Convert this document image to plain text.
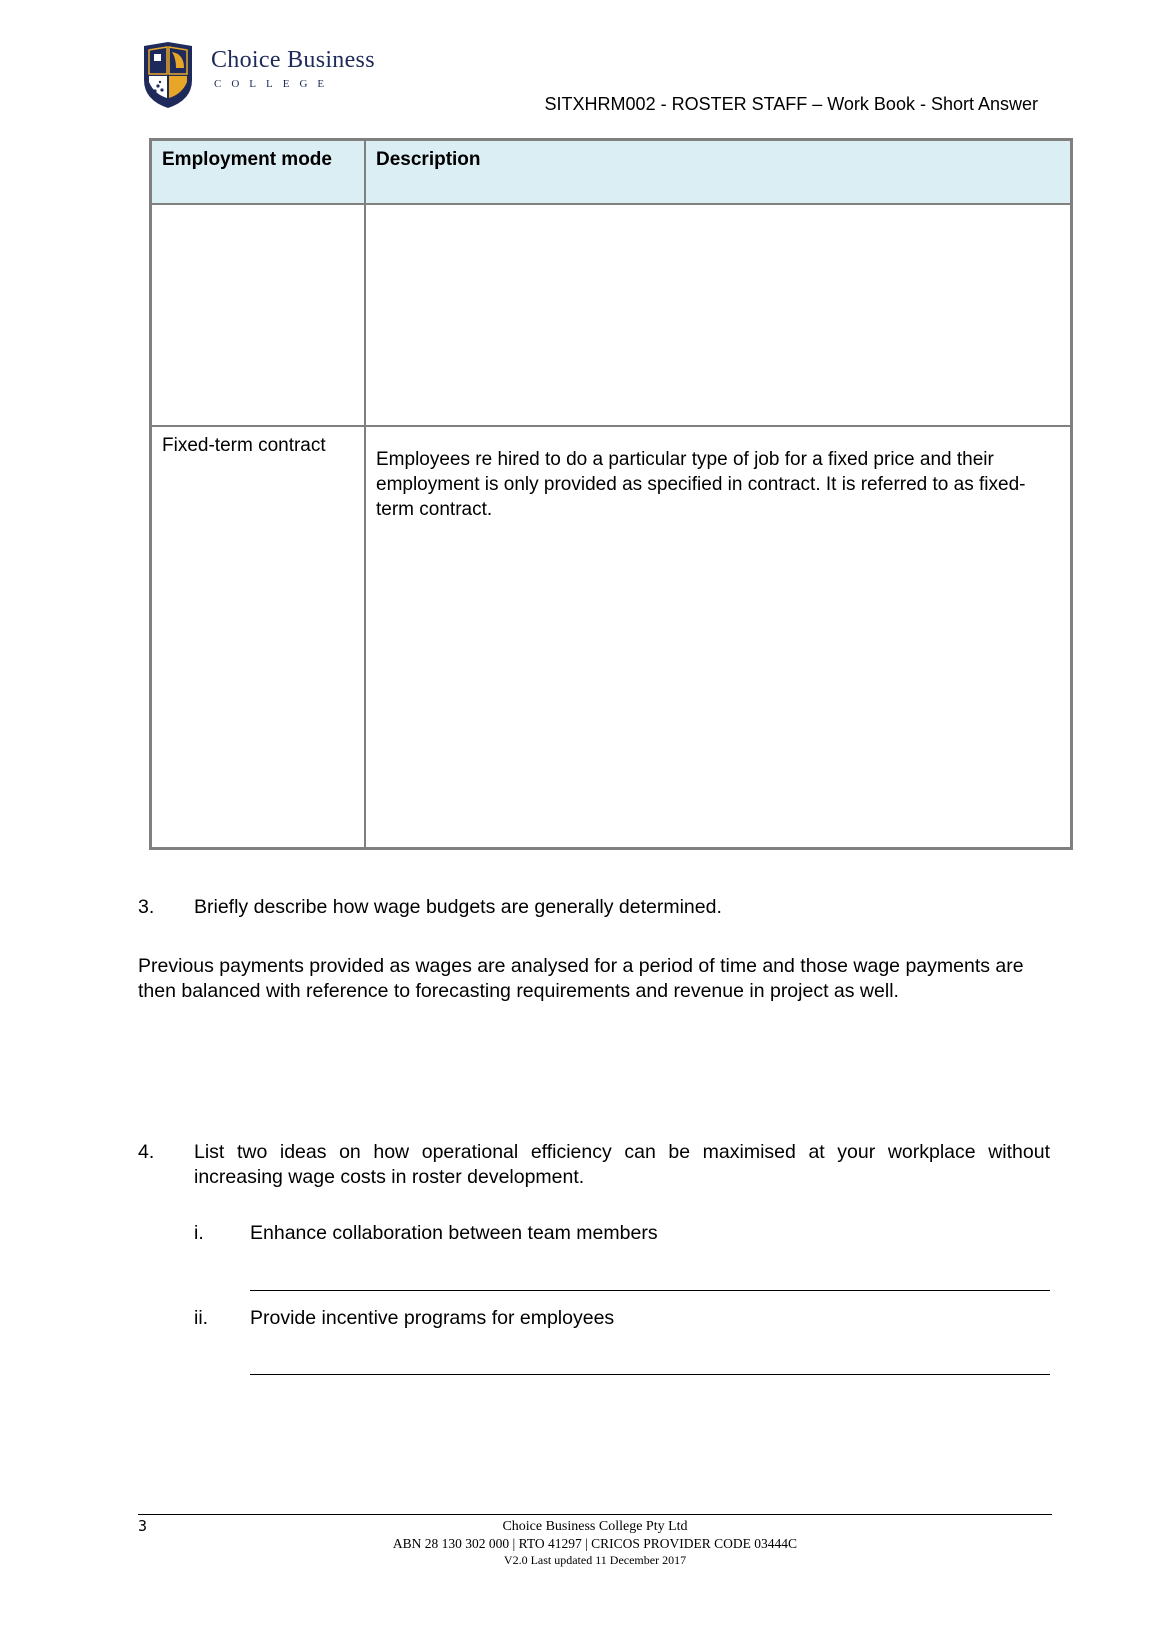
Choice Business
COLLEGE
SITXHRM002 - ROSTER STAFF – Work Book - Short Answer
Employment mode	Description

Fixed-term contract	Employees re hired to do a particular type of job for a fixed price and their employment is only provided as specified in contract. It is referred to as fixed-term contract.
3. Briefly describe how wage budgets are generally determined.
Previous payments provided as wages are analysed for a period of time and those wage payments are then balanced with reference to forecasting requirements and revenue in project as well.
4. List two ideas on how operational efficiency can be maximised at your workplace without increasing wage costs in roster development.
i. Enhance collaboration between team members
ii. Provide incentive programs for employees
3	Choice Business College Pty Ltd
ABN 28 130 302 000 | RTO 41297 | CRICOS PROVIDER CODE 03444C
V2.0 Last updated 11 December 2017
